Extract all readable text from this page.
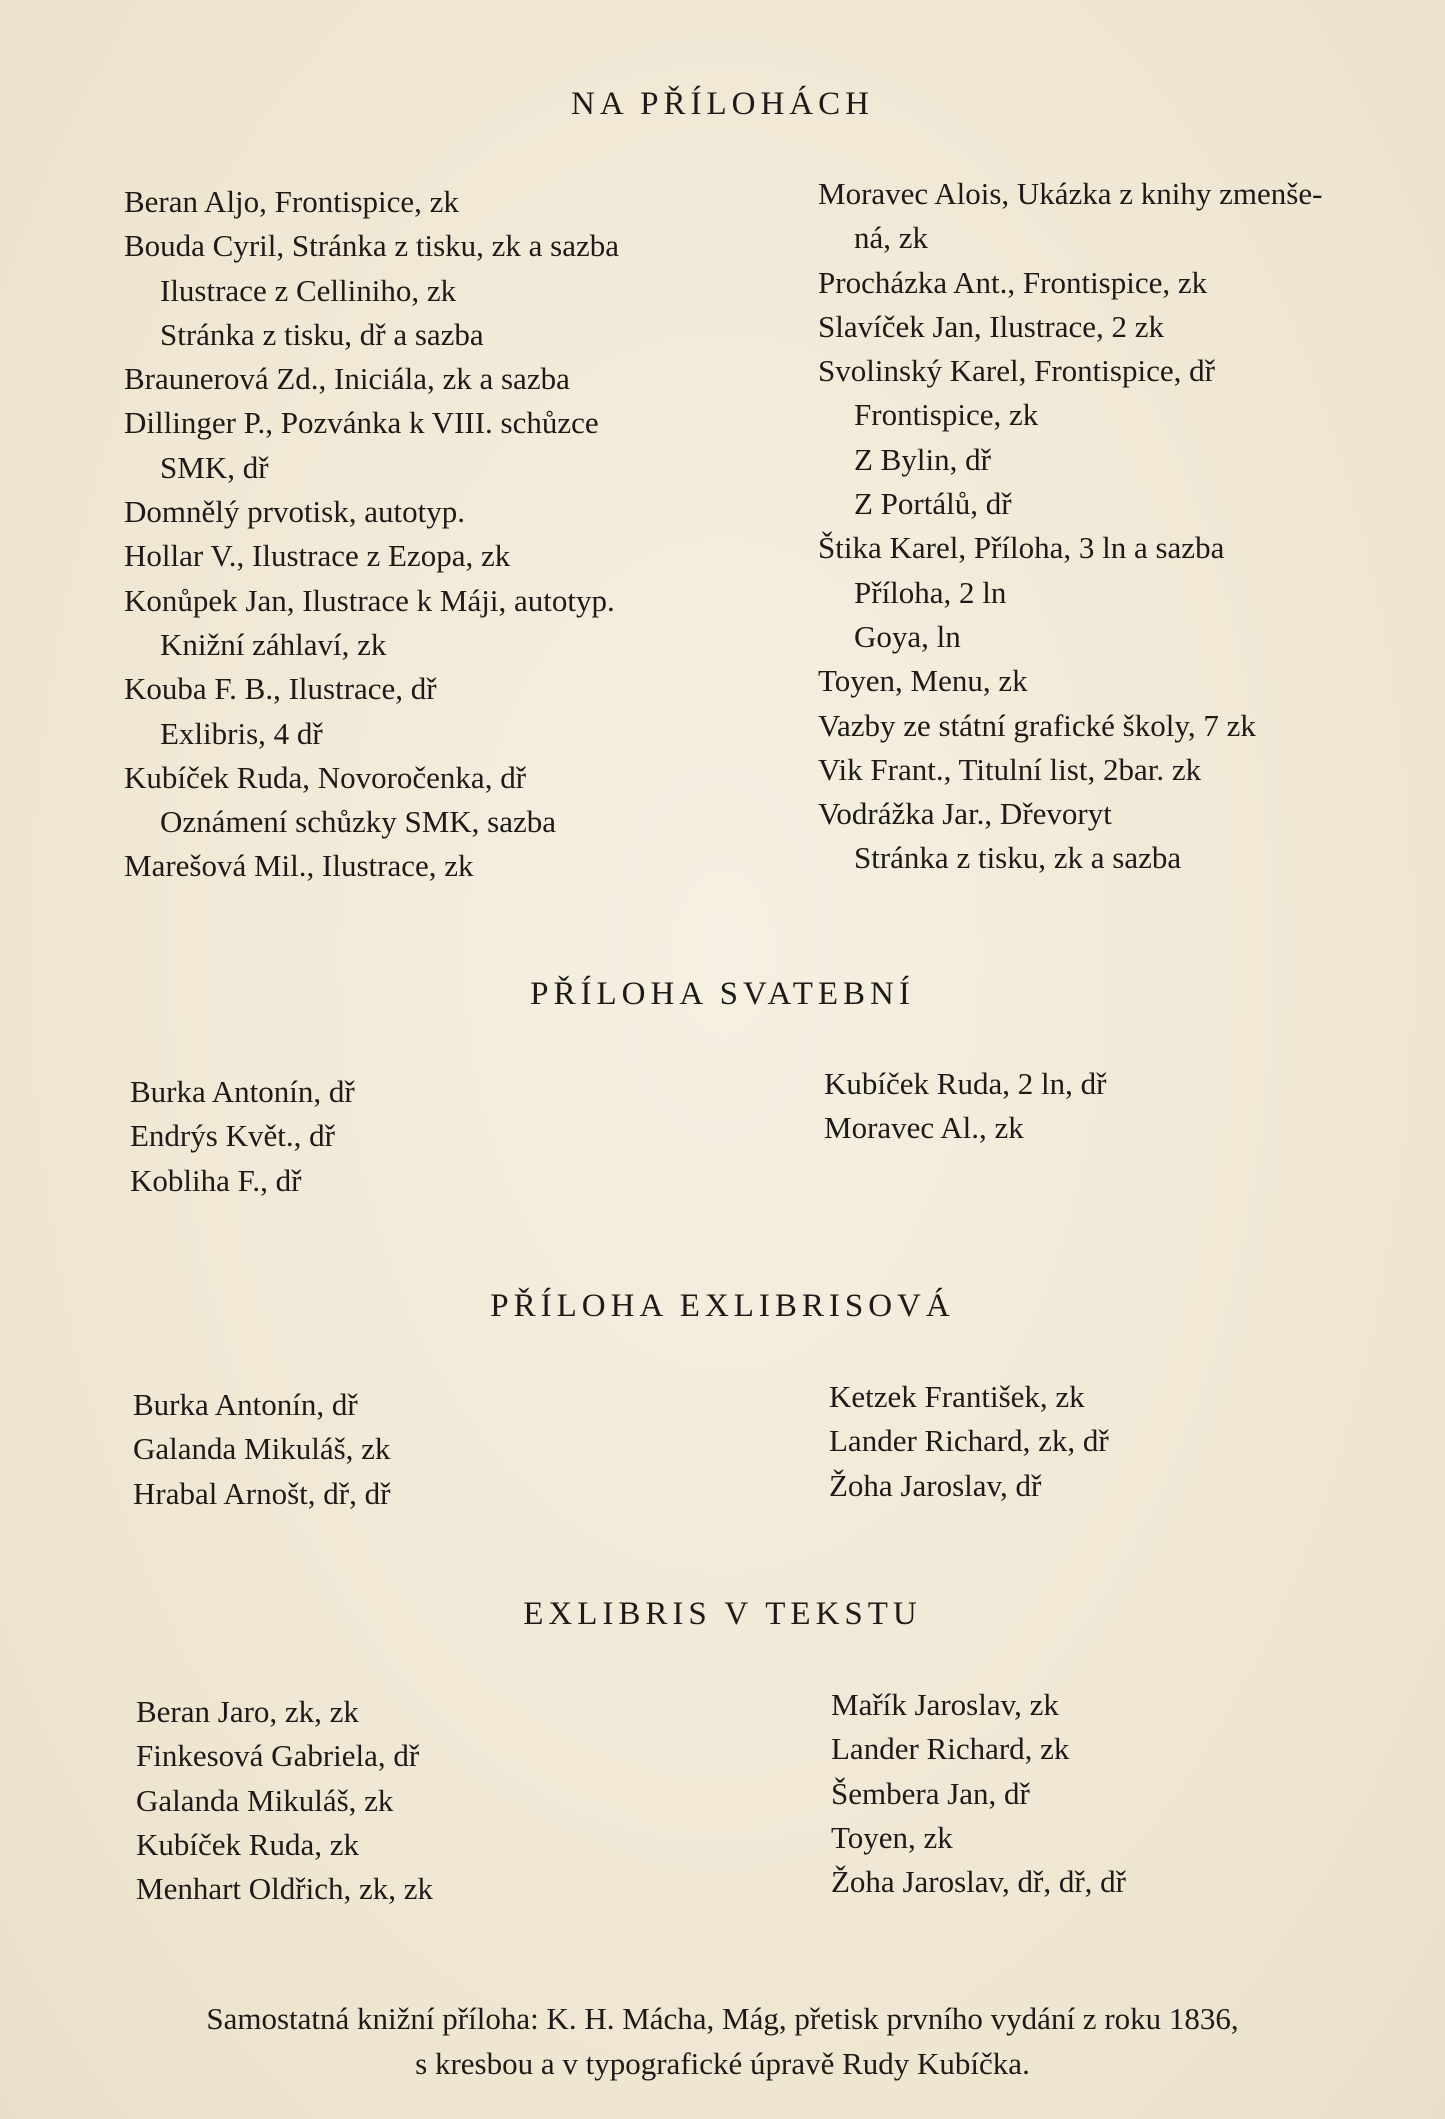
NA PŘÍLOHÁCH
Beran Aljo, Frontispice, zk
Bouda Cyril, Stránka z tisku, zk a sazba
Ilustrace z Celliniho, zk
Stránka z tisku, dř a sazba
Braunerová Zd., Iniciála, zk a sazba
Dillinger P., Pozvánka k VIII. schůzce
SMK, dř
Domnělý prvotisk, autotyp.
Hollar V., Ilustrace z Ezopa, zk
Konůpek Jan, Ilustrace k Máji, autotyp.
Knižní záhlaví, zk
Kouba F. B., Ilustrace, dř
Exlibris, 4 dř
Kubíček Ruda, Novoročenka, dř
Oznámení schůzky SMK, sazba
Marešová Mil., Ilustrace, zk
Moravec Alois, Ukázka z knihy zmenše-
ná, zk
Procházka Ant., Frontispice, zk
Slavíček Jan, Ilustrace, 2 zk
Svolinský Karel, Frontispice, dř
Frontispice, zk
Z Bylin, dř
Z Portálů, dř
Štika Karel, Příloha, 3 ln a sazba
Příloha, 2 ln
Goya, ln
Toyen, Menu, zk
Vazby ze státní grafické školy, 7 zk
Vik Frant., Titulní list, 2bar. zk
Vodrážka Jar., Dřevoryt
Stránka z tisku, zk a sazba
PŘÍLOHA SVATEBNÍ
Burka Antonín, dř
Endrýs Květ., dř
Kobliha F., dř
Kubíček Ruda, 2 ln, dř
Moravec Al., zk
PŘÍLOHA EXLIBRISOVÁ
Burka Antonín, dř
Galanda Mikuláš, zk
Hrabal Arnošt, dř, dř
Ketzek František, zk
Lander Richard, zk, dř
Žoha Jaroslav, dř
EXLIBRIS V TEKSTU
Beran Jaro, zk, zk
Finkesová Gabriela, dř
Galanda Mikuláš, zk
Kubíček Ruda, zk
Menhart Oldřich, zk, zk
Mařík Jaroslav, zk
Lander Richard, zk
Šembera Jan, dř
Toyen, zk
Žoha Jaroslav, dř, dř, dř

Samostatná knižní příloha: K. H. Mácha, Mág, přetisk prvního vydání z roku 1836,

s kresbou a v typografické úpravě Rudy Kubíčka.
